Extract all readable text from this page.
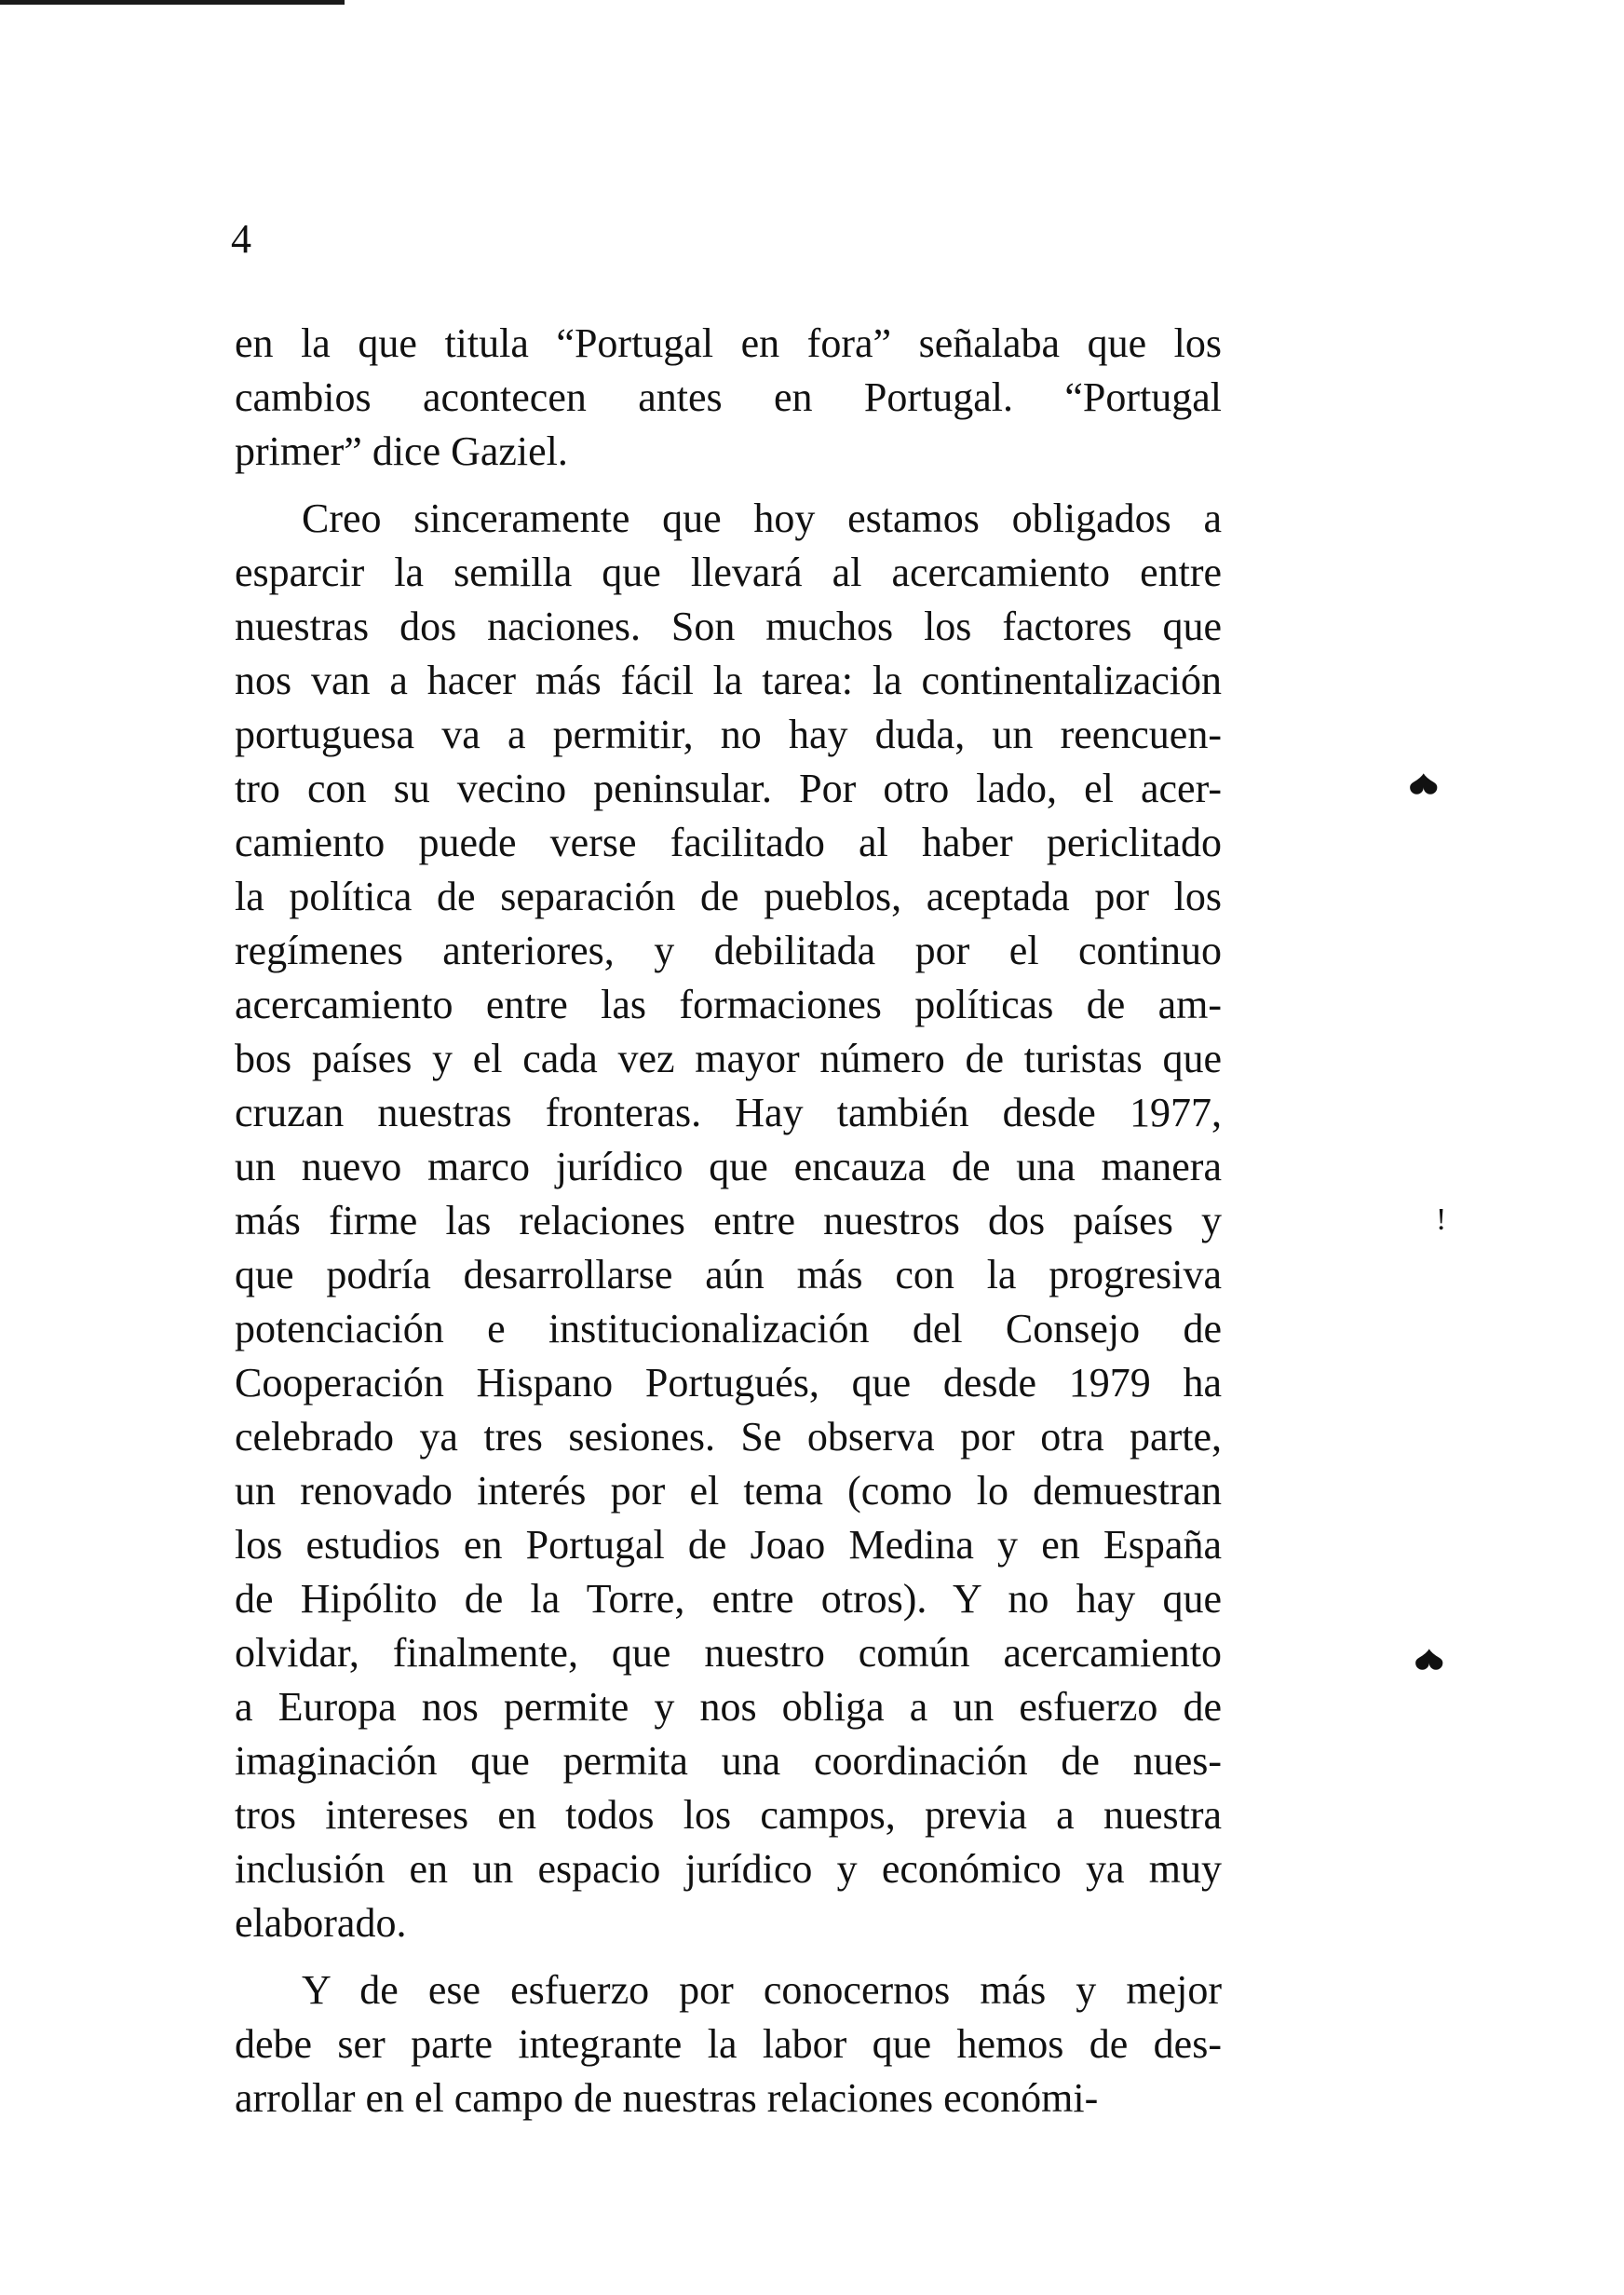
4
en la que titula “Portugal en fora” señalaba que los
cambios acontecen antes en Portugal. “Portugal
primer” dice Gaziel.
Creo sinceramente que hoy estamos obligados a
esparcir la semilla que llevará al acercamiento entre
nuestras dos naciones. Son muchos los factores que
nos van a hacer más fácil la tarea: la continentalización
portuguesa va a permitir, no hay duda, un reencuen-
tro con su vecino peninsular. Por otro lado, el acer-
camiento puede verse facilitado al haber periclitado
la política de separación de pueblos, aceptada por los
regímenes anteriores, y debilitada por el continuo
acercamiento entre las formaciones políticas de am-
bos países y el cada vez mayor número de turistas que
cruzan nuestras fronteras. Hay también desde 1977,
un nuevo marco jurídico que encauza de una manera
más firme las relaciones entre nuestros dos países y
que podría desarrollarse aún más con la progresiva
potenciación e institucionalización del Consejo de
Cooperación Hispano Portugués, que desde 1979 ha
celebrado ya tres sesiones. Se observa por otra parte,
un renovado interés por el tema (como lo demuestran
los estudios en Portugal de Joao Medina y en España
de Hipólito de la Torre, entre otros). Y no hay que
olvidar, finalmente, que nuestro común acercamiento
a Europa nos permite y nos obliga a un esfuerzo de
imaginación que permita una coordinación de nues-
tros intereses en todos los campos, previa a nuestra
inclusión en un espacio jurídico y económico ya muy
elaborado.
Y de ese esfuerzo por conocernos más y mejor
debe ser parte integrante la labor que hemos de des-
arrollar en el campo de nuestras relaciones económi-
❤
!
❤
